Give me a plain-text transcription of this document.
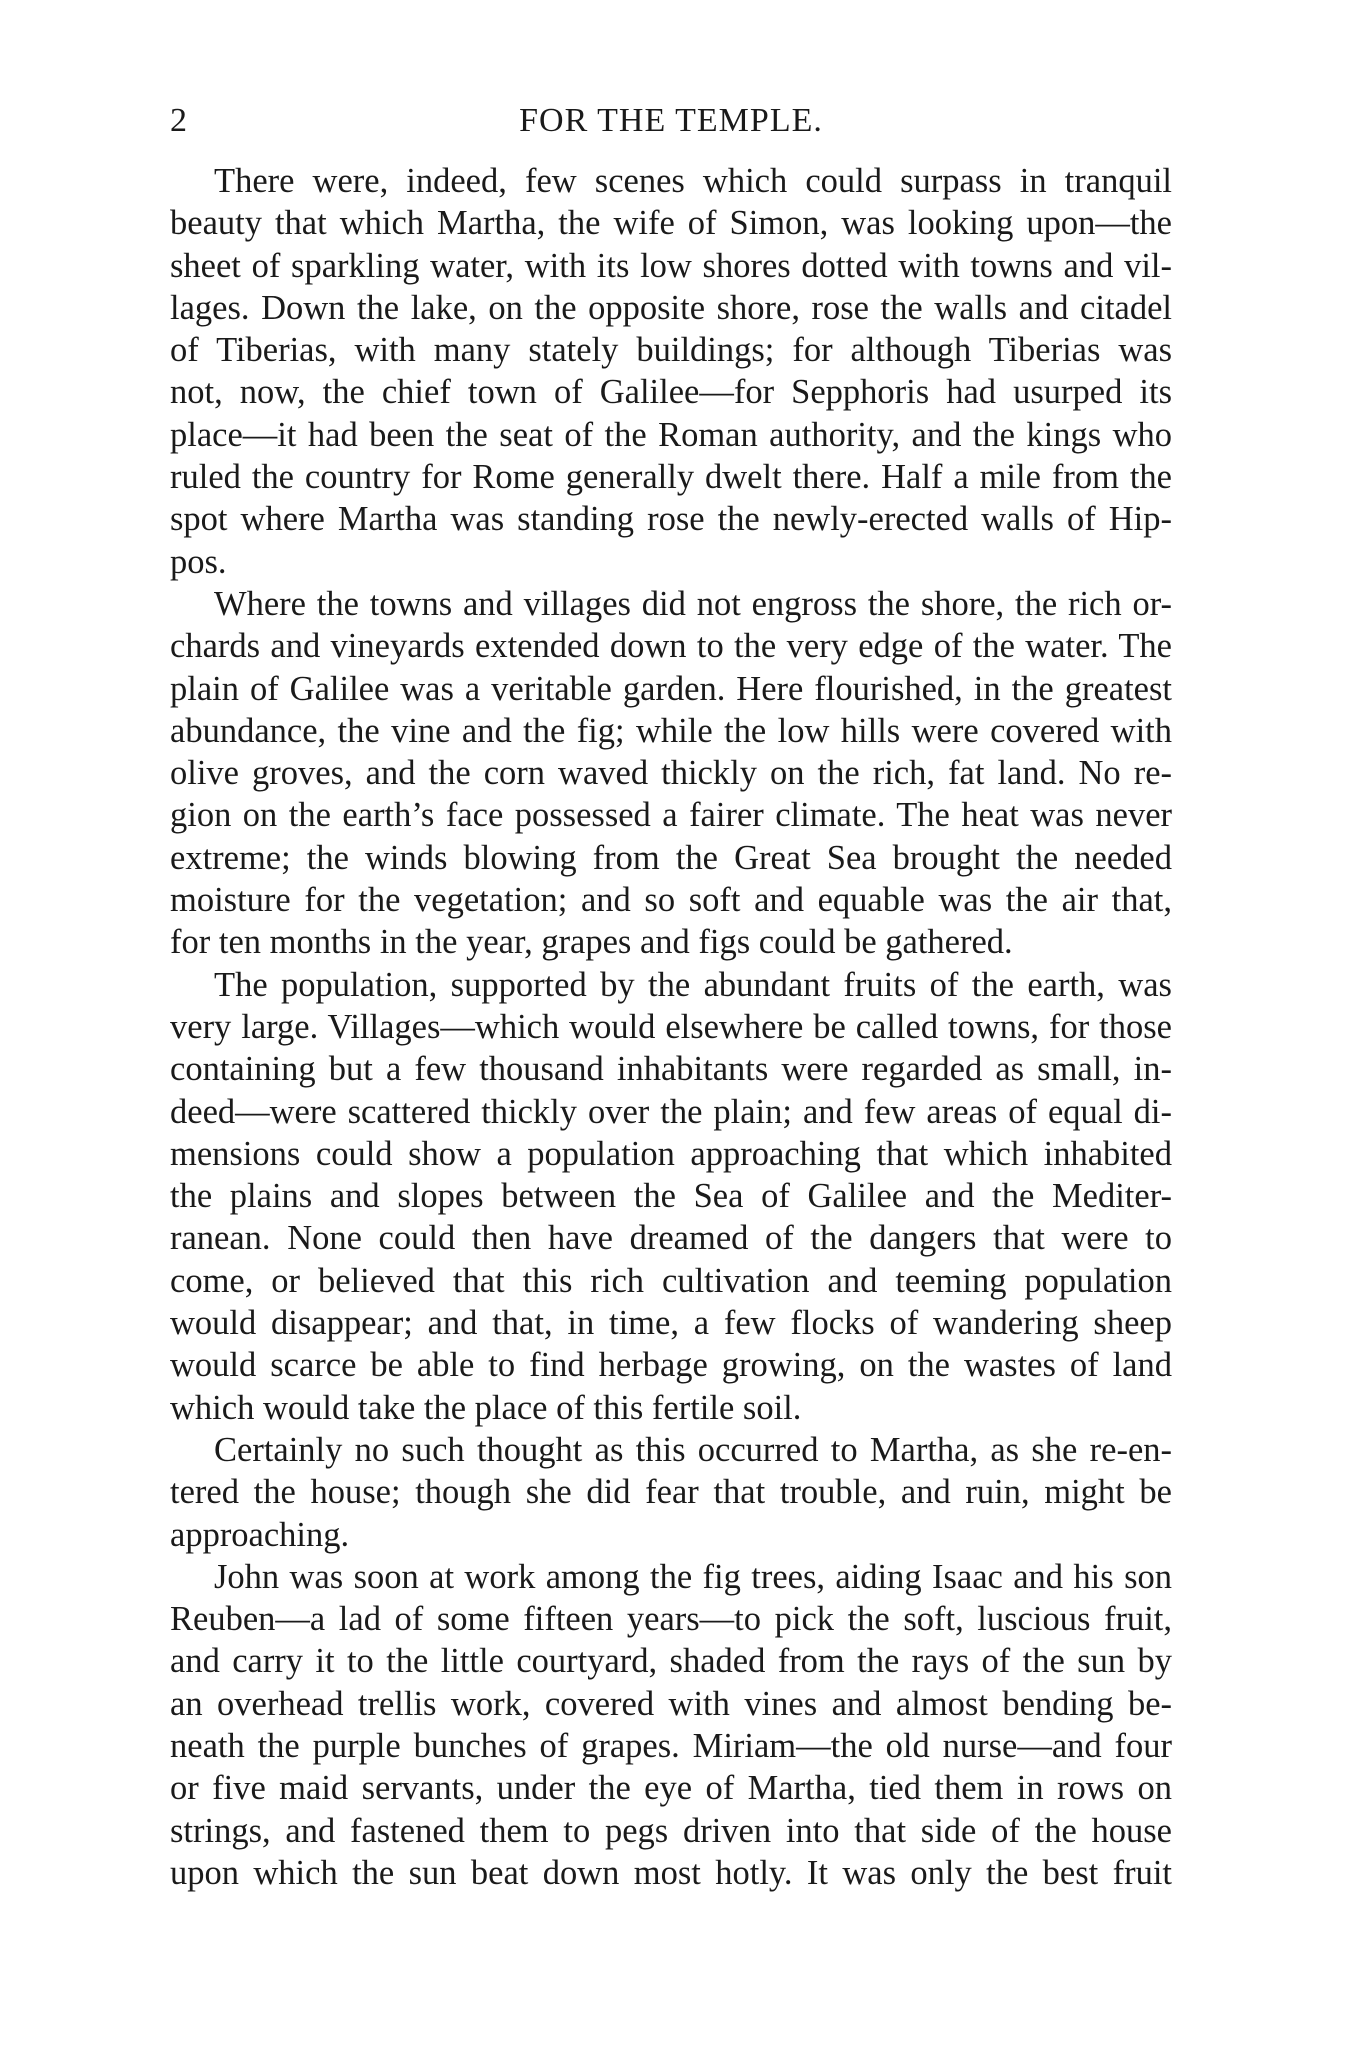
2	FOR THE TEMPLE.

There were, indeed, few scenes which could surpass in tranquil
beauty that which Martha, the wife of Simon, was looking upon—the
sheet of sparkling water, with its low shores dotted with towns and vil-
lages. Down the lake, on the opposite shore, rose the walls and citadel
of Tiberias, with many stately buildings; for although Tiberias was
not, now, the chief town of Galilee—for Sepphoris had usurped its
place—it had been the seat of the Roman authority, and the kings who
ruled the country for Rome generally dwelt there. Half a mile from the
spot where Martha was standing rose the newly-erected walls of Hip-
pos.

Where the towns and villages did not engross the shore, the rich or-
chards and vineyards extended down to the very edge of the water. The
plain of Galilee was a veritable garden. Here flourished, in the greatest
abundance, the vine and the fig; while the low hills were covered with
olive groves, and the corn waved thickly on the rich, fat land. No re-
gion on the earth’s face possessed a fairer climate. The heat was never
extreme; the winds blowing from the Great Sea brought the needed
moisture for the vegetation; and so soft and equable was the air that,
for ten months in the year, grapes and figs could be gathered.

The population, supported by the abundant fruits of the earth, was
very large. Villages—which would elsewhere be called towns, for those
containing but a few thousand inhabitants were regarded as small, in-
deed—were scattered thickly over the plain; and few areas of equal di-
mensions could show a population approaching that which inhabited
the plains and slopes between the Sea of Galilee and the Mediter-
ranean. None could then have dreamed of the dangers that were to
come, or believed that this rich cultivation and teeming population
would disappear; and that, in time, a few flocks of wandering sheep
would scarce be able to find herbage growing, on the wastes of land
which would take the place of this fertile soil.

Certainly no such thought as this occurred to Martha, as she re-en-
tered the house; though she did fear that trouble, and ruin, might be
approaching.

John was soon at work among the fig trees, aiding Isaac and his son
Reuben—a lad of some fifteen years—to pick the soft, luscious fruit,
and carry it to the little courtyard, shaded from the rays of the sun by
an overhead trellis work, covered with vines and almost bending be-
neath the purple bunches of grapes. Miriam—the old nurse—and four
or five maid servants, under the eye of Martha, tied them in rows on
strings, and fastened them to pegs driven into that side of the house
upon which the sun beat down most hotly. It was only the best fruit
